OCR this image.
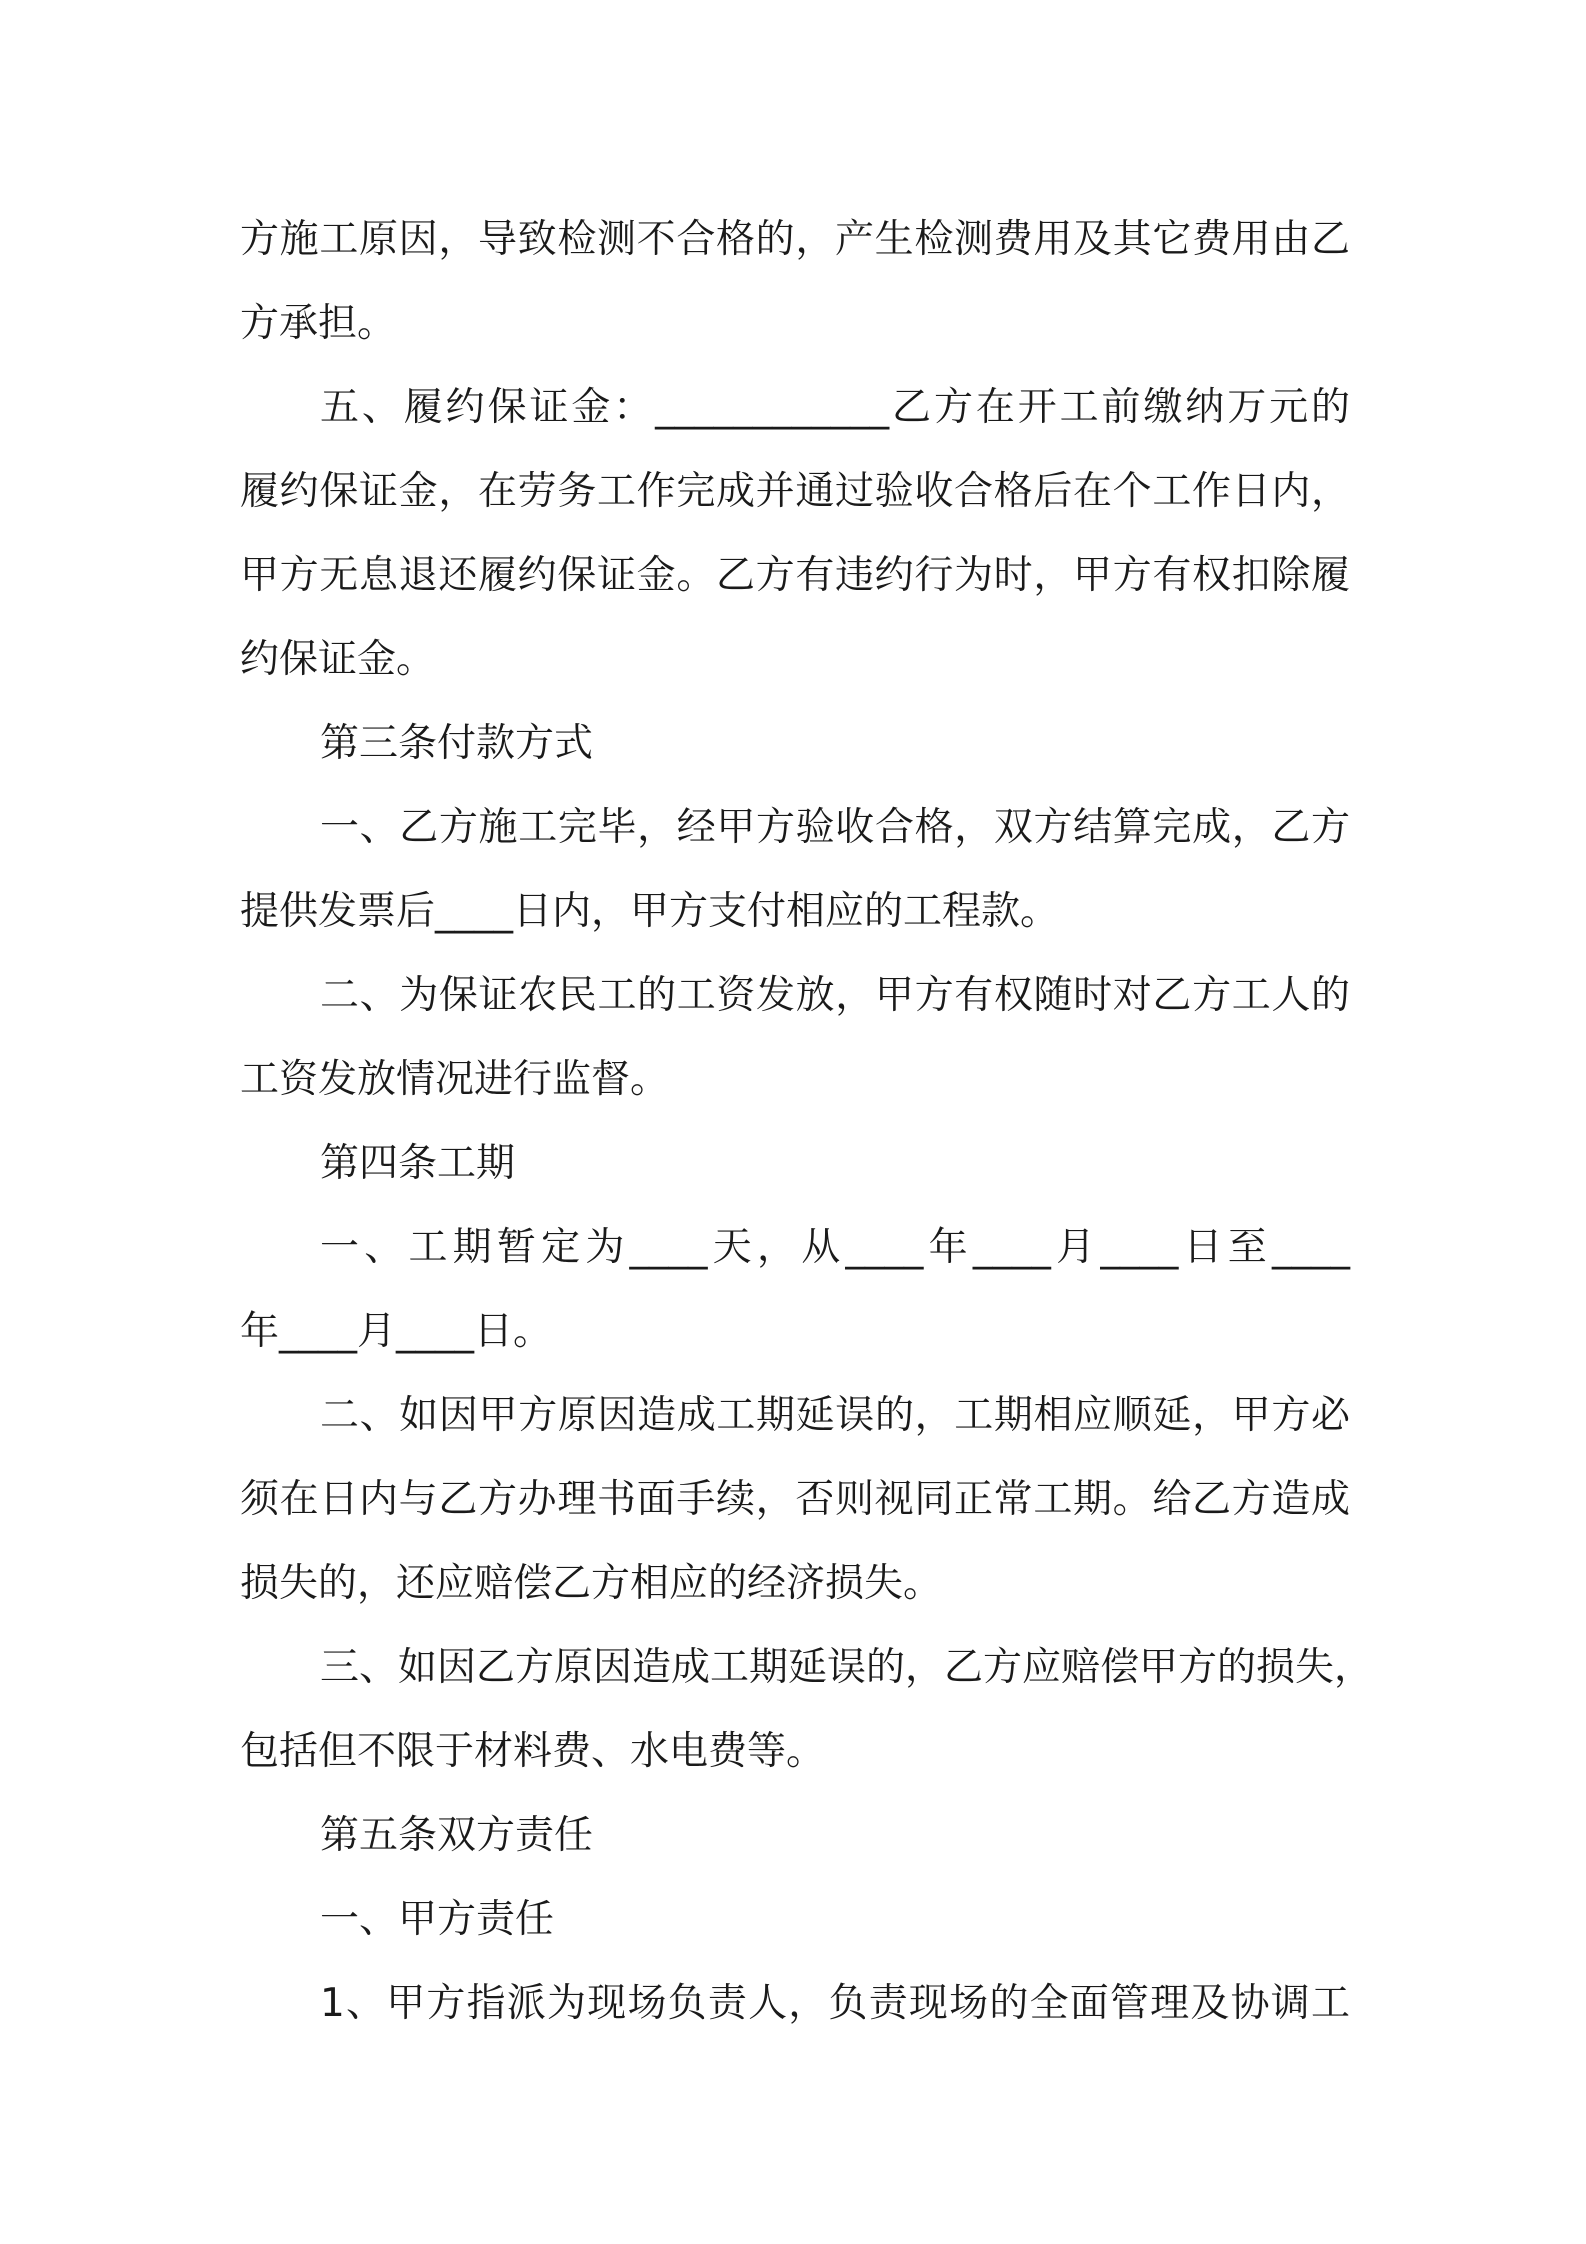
方施工原因，导致检测不合格的，产生检测费用及其它费用由乙
方承担。
五、履约保证金：____________乙方在开工前缴纳万元的
履约保证金，在劳务工作完成并通过验收合格后在个工作日内，
甲方无息退还履约保证金。乙方有违约行为时，甲方有权扣除履
约保证金。
第三条付款方式
一、乙方施工完毕，经甲方验收合格，双方结算完成，乙方
提供发票后____日内，甲方支付相应的工程款。
二、为保证农民工的工资发放，甲方有权随时对乙方工人的
工资发放情况进行监督。
第四条工期
一、工期暂定为____天，从____年____月____日至____
年____月____日。
二、如因甲方原因造成工期延误的，工期相应顺延，甲方必
须在日内与乙方办理书面手续，否则视同正常工期。给乙方造成
损失的，还应赔偿乙方相应的经济损失。
三、如因乙方原因造成工期延误的，乙方应赔偿甲方的损失，
包括但不限于材料费、水电费等。
第五条双方责任
一、甲方责任
1、甲方指派为现场负责人，负责现场的全面管理及协调工
